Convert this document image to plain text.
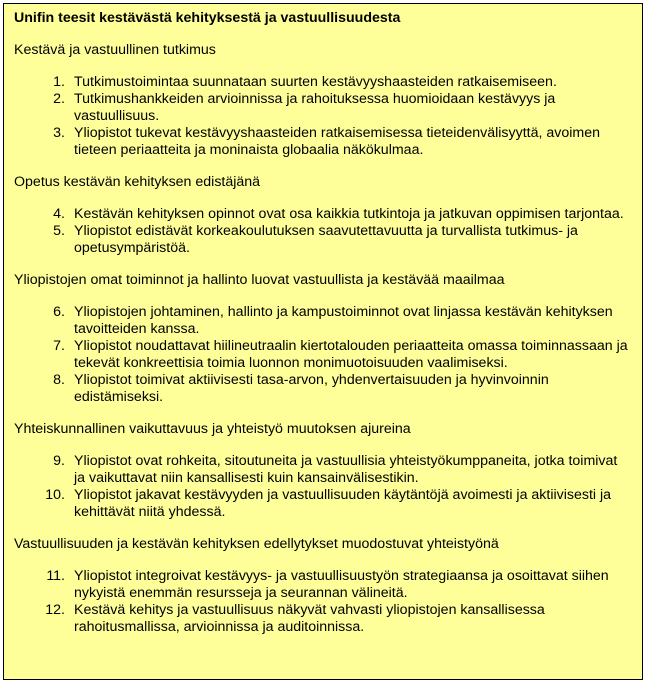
Unifin teesit kestävästä kehityksestä ja vastuullisuudesta
Kestävä ja vastuullinen tutkimus
1. Tutkimustoimintaa suunnataan suurten kestävyyshaasteiden ratkaisemiseen.
2. Tutkimushankkeiden arvioinnissa ja rahoituksessa huomioidaan kestävyys ja vastuullisuus.
3. Yliopistot tukevat kestävyyshaasteiden ratkaisemisessa tieteidenvälisyyttä, avoimen tieteen periaatteita ja moninaista globaalia näkökulmaa.
Opetus kestävän kehityksen edistäjänä
4. Kestävän kehityksen opinnot ovat osa kaikkia tutkintoja ja jatkuvan oppimisen tarjontaa.
5. Yliopistot edistävät korkeakoulutuksen saavutettavuutta ja turvallista tutkimus- ja opetusympäristöä.
Yliopistojen omat toiminnot ja hallinto luovat vastuullista ja kestävää maailmaa
6. Yliopistojen johtaminen, hallinto ja kampustoiminnot ovat linjassa kestävän kehityksen tavoitteiden kanssa.
7. Yliopistot noudattavat hiilineutraalin kiertotalouden periaatteita omassa toiminnassaan ja tekevät konkreettisia toimia luonnon monimuotoisuuden vaalimiseksi.
8. Yliopistot toimivat aktiivisesti tasa-arvon, yhdenvertaisuuden ja hyvinvoinnin edistämiseksi.
Yhteiskunnallinen vaikuttavuus ja yhteistyö muutoksen ajureina
9. Yliopistot ovat rohkeita, sitoutuneita ja vastuullisia yhteistyökumppaneita, jotka toimivat ja vaikuttavat niin kansallisesti kuin kansainvälisestikin.
10. Yliopistot jakavat kestävyyden ja vastuullisuuden käytäntöjä avoimesti ja aktiivisesti ja kehittävät niitä yhdessä.
Vastuullisuuden ja kestävän kehityksen edellytykset muodostuvat yhteistyönä
11. Yliopistot integroivat kestävyys- ja vastuullisuustyön strategiaansa ja osoittavat siihen nykyistä enemmän resursseja ja seurannan välineitä.
12. Kestävä kehitys ja vastuullisuus näkyvät vahvasti yliopistojen kansallisessa rahoitusmallissa, arvioinnissa ja auditoinnissa.
